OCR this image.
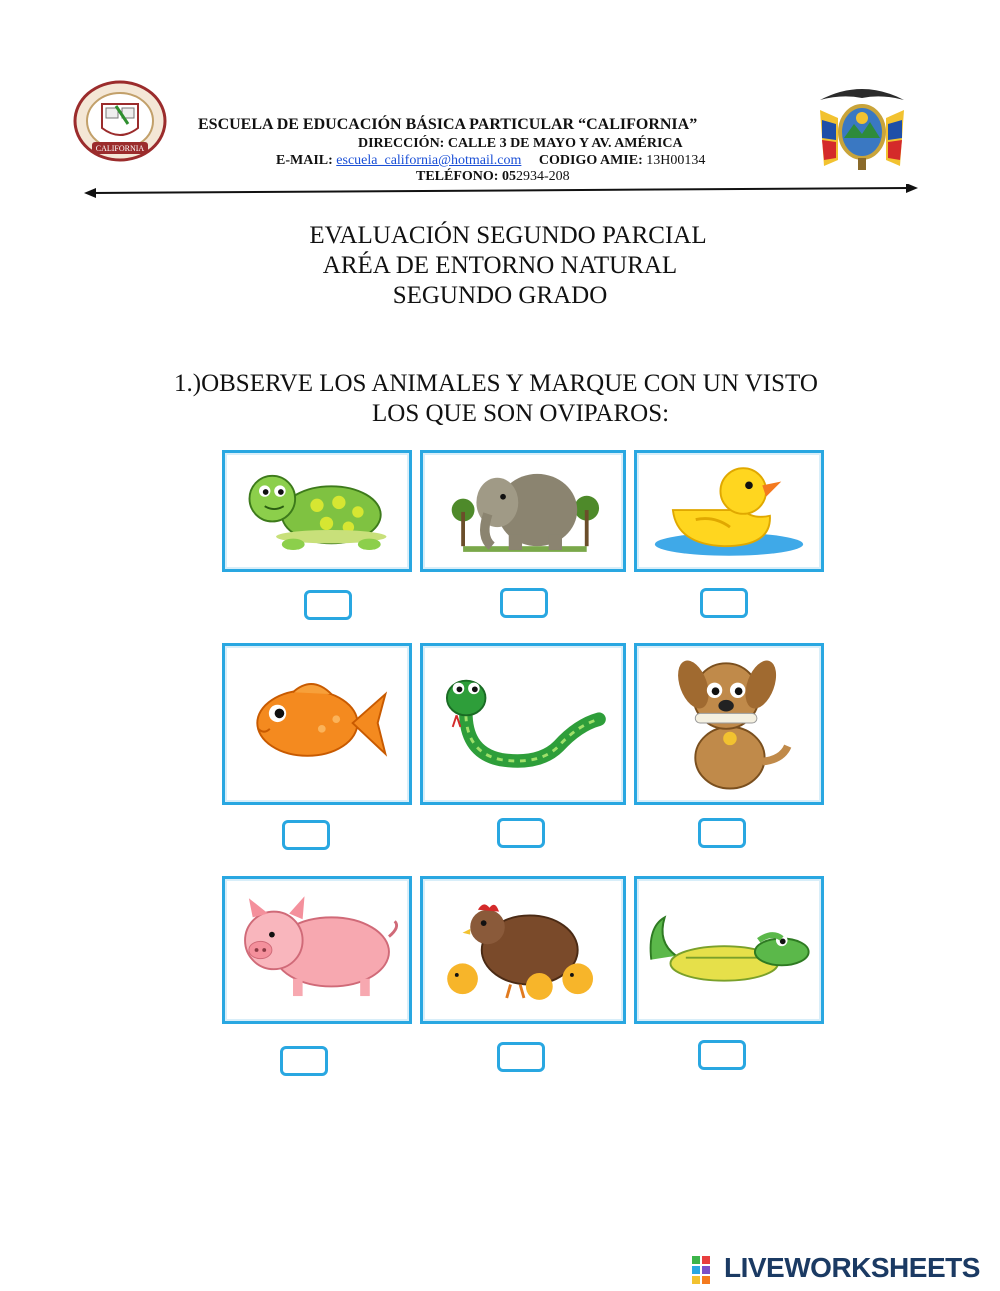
CALIFORNIA
ESCUELA DE EDUCACIÓN BÁSICA PARTICULAR “CALIFORNIA”
DIRECCIÓN: CALLE 3 DE MAYO Y AV. AMÉRICA
E-MAIL: escuela_california@hotmail.com CODIGO AMIE: 13H00134
TELÉFONO: 052934-208
EVALUACIÓN SEGUNDO PARCIAL
ARÉA DE ENTORNO NATURAL
SEGUNDO GRADO
1.)OBSERVE LOS ANIMALES Y MARQUE CON UN VISTO
LOS QUE SON OVIPAROS:
LIVEWORKSHEETS
